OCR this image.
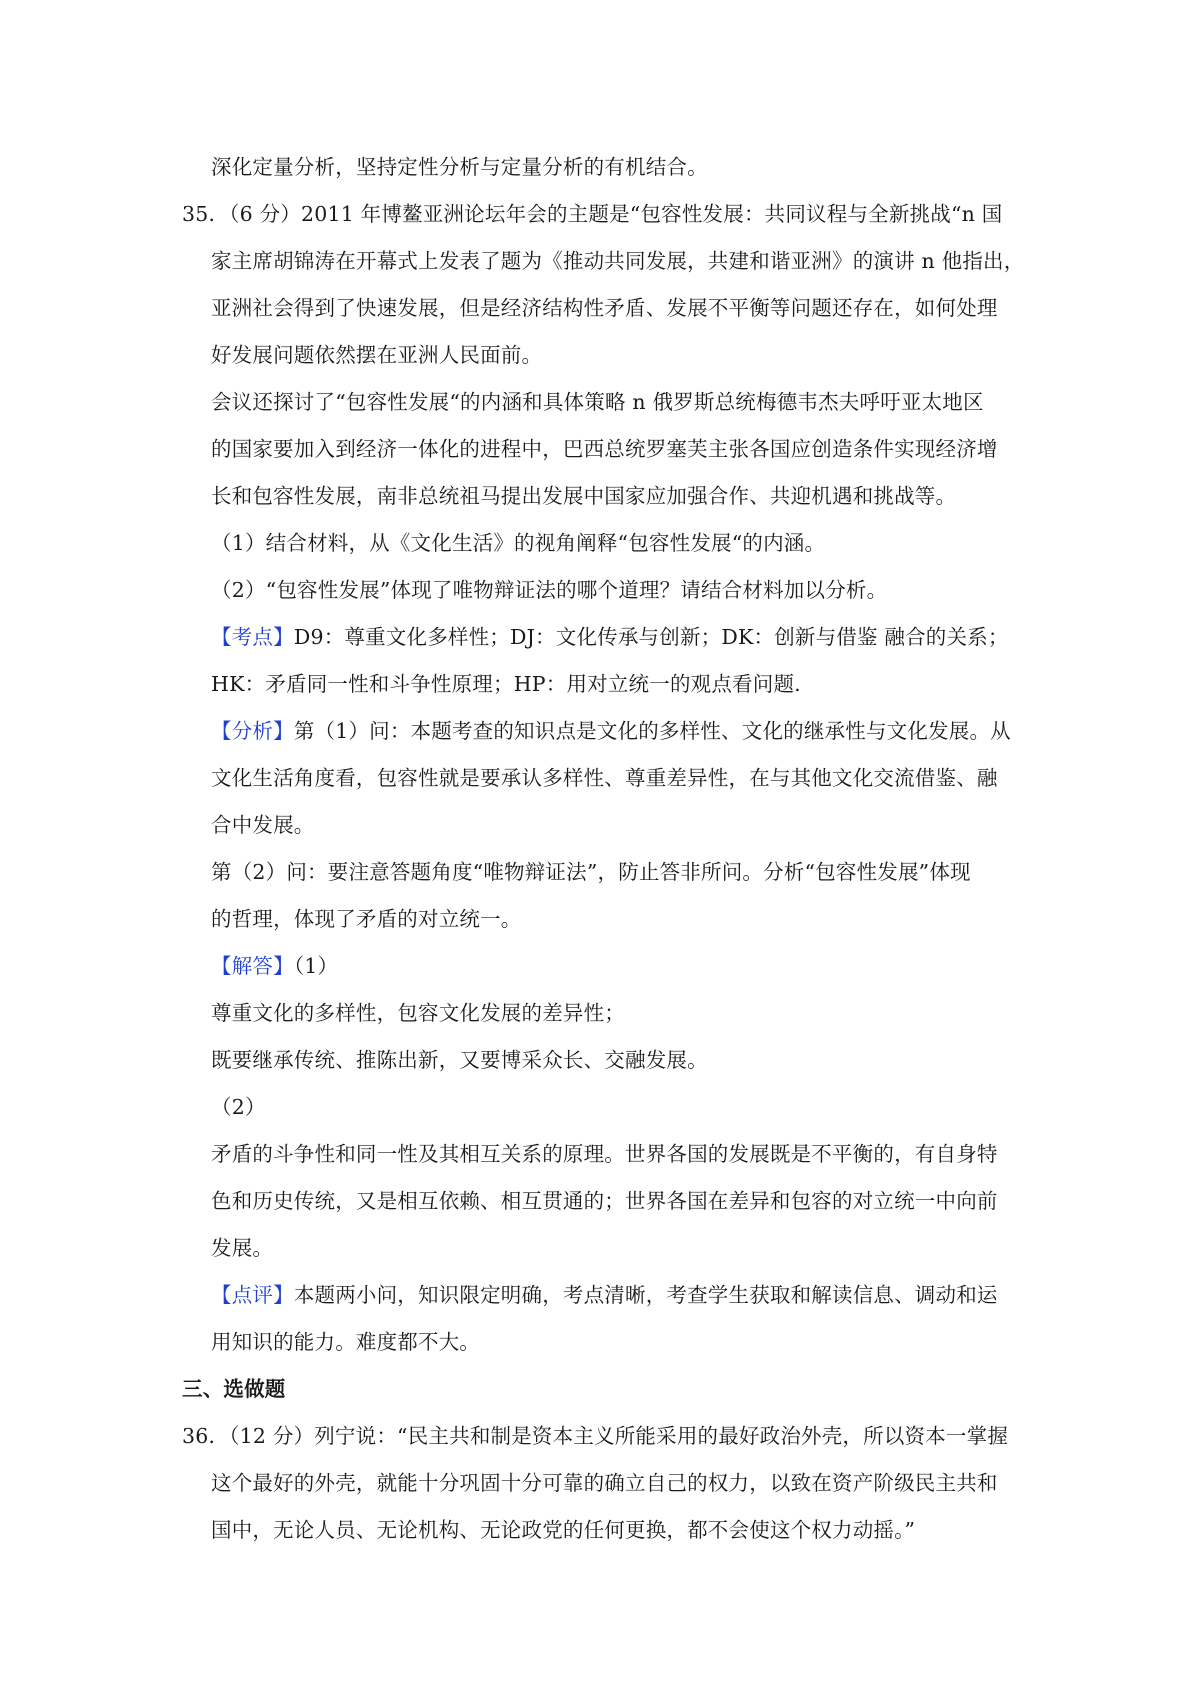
深化定量分析，坚持定性分析与定量分析的有机结合。
35．（6 分）2011 年博鳌亚洲论坛年会的主题是“包容性发展：共同议程与全新挑战“n 国
家主席胡锦涛在开幕式上发表了题为《推动共同发展，共建和谐亚洲》的演讲 n 他指出，
亚洲社会得到了快速发展，但是经济结构性矛盾、发展不平衡等问题还存在，如何处理
好发展问题依然摆在亚洲人民面前。
会议还探讨了“包容性发展“的内涵和具体策略 n 俄罗斯总统梅德韦杰夫呼吁亚太地区
的国家要加入到经济一体化的进程中，巴西总统罗塞芙主张各国应创造条件实现经济增
长和包容性发展，南非总统祖马提出发展中国家应加强合作、共迎机遇和挑战等。
（1）结合材料，从《文化生活》的视角阐释“包容性发展“的内涵。
（2）“包容性发展”体现了唯物辩证法的哪个道理？请结合材料加以分析。
【考点】D9：尊重文化多样性；DJ：文化传承与创新；DK：创新与借鉴 融合的关系；
HK：矛盾同一性和斗争性原理；HP：用对立统一的观点看问题.
【分析】第（1）问：本题考查的知识点是文化的多样性、文化的继承性与文化发展。从
文化生活角度看，包容性就是要承认多样性、尊重差异性，在与其他文化交流借鉴、融
合中发展。
第（2）问：要注意答题角度“唯物辩证法”，防止答非所问。分析“包容性发展”体现
的哲理，体现了矛盾的对立统一。
【解答】（1）
尊重文化的多样性，包容文化发展的差异性；
既要继承传统、推陈出新，又要博采众长、交融发展。
（2）
矛盾的斗争性和同一性及其相互关系的原理。世界各国的发展既是不平衡的，有自身特
色和历史传统，又是相互依赖、相互贯通的；世界各国在差异和包容的对立统一中向前
发展。
【点评】本题两小问，知识限定明确，考点清晰，考查学生获取和解读信息、调动和运
用知识的能力。难度都不大。
三、选做题
36．（12 分）列宁说：“民主共和制是资本主义所能采用的最好政治外壳，所以资本一掌握
这个最好的外壳，就能十分巩固十分可靠的确立自己的权力，以致在资产阶级民主共和
国中，无论人员、无论机构、无论政党的任何更换，都不会使这个权力动摇。”
